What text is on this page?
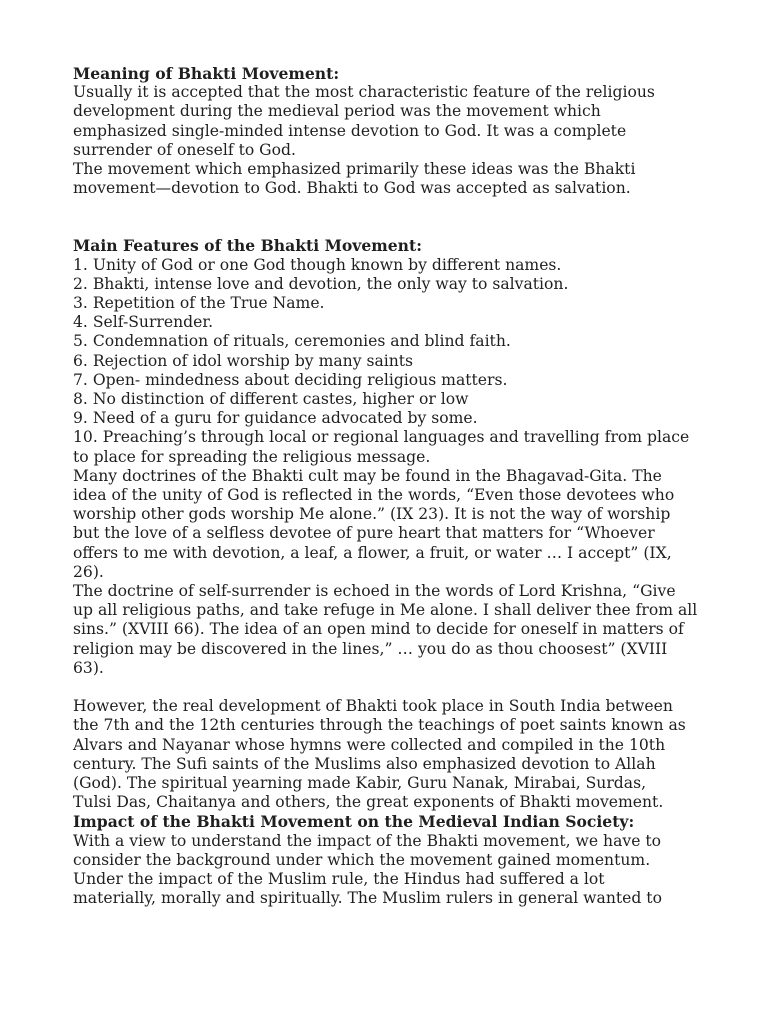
Meaning of Bhakti Movement:
Usually it is accepted that the most characteristic feature of the religious
development during the medieval period was the movement which
emphasized single-minded intense devotion to God. It was a complete
surrender of oneself to God.
The movement which emphasized primarily these ideas was the Bhakti
movement—devotion to God. Bhakti to God was accepted as salvation.
Main Features of the Bhakti Movement:
1. Unity of God or one God though known by different names.
2. Bhakti, intense love and devotion, the only way to salvation.
3. Repetition of the True Name.
4. Self-Surrender.
5. Condemnation of rituals, ceremonies and blind faith.
6. Rejection of idol worship by many saints
7. Open- mindedness about deciding religious matters.
8. No distinction of different castes, higher or low
9. Need of a guru for guidance advocated by some.
10. Preaching’s through local or regional languages and travelling from place
to place for spreading the religious message.
Many doctrines of the Bhakti cult may be found in the Bhagavad-Gita. The
idea of the unity of God is reflected in the words, “Even those devotees who
worship other gods worship Me alone.” (IX 23). It is not the way of worship
but the love of a selfless devotee of pure heart that matters for “Whoever
offers to me with devotion, a leaf, a flower, a fruit, or water … I accept” (IX,
26).
The doctrine of self-surrender is echoed in the words of Lord Krishna, “Give
up all religious paths, and take refuge in Me alone. I shall deliver thee from all
sins.” (XVIII 66). The idea of an open mind to decide for oneself in matters of
religion may be discovered in the lines,” … you do as thou choosest” (XVIII
63).
However, the real development of Bhakti took place in South India between
the 7th and the 12th centuries through the teachings of poet saints known as
Alvars and Nayanar whose hymns were collected and compiled in the 10th
century. The Sufi saints of the Muslims also emphasized devotion to Allah
(God). The spiritual yearning made Kabir, Guru Nanak, Mirabai, Surdas,
Tulsi Das, Chaitanya and others, the great exponents of Bhakti movement.
Impact of the Bhakti Movement on the Medieval Indian Society:
With a view to understand the impact of the Bhakti movement, we have to
consider the background under which the movement gained momentum.
Under the impact of the Muslim rule, the Hindus had suffered a lot
materially, morally and spiritually. The Muslim rulers in general wanted to
